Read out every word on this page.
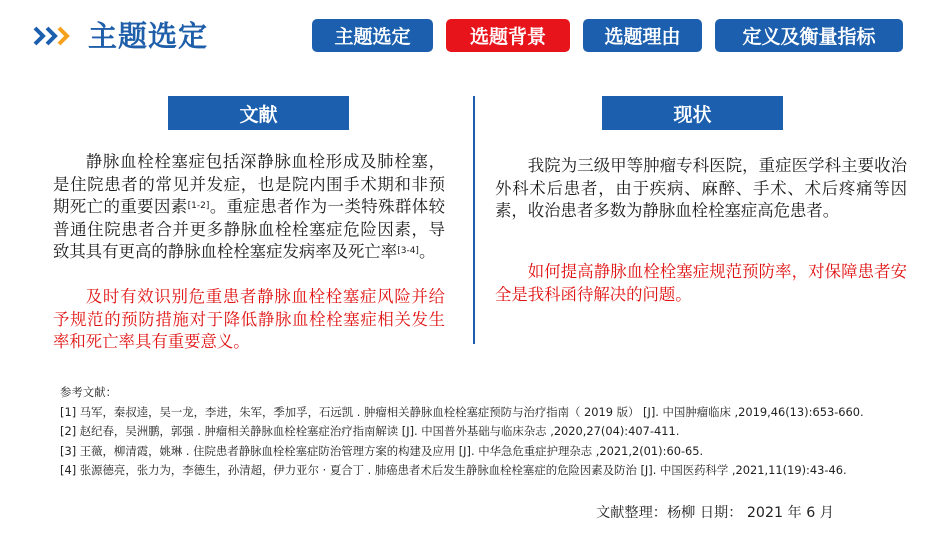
主题选定	主题选定	选题背景	选题理由	定义及衡量指标
文献
静脉血栓栓塞症包括深静脉血栓形成及肺栓塞，是住院患者的常见并发症，也是院内围手术期和非预期死亡的重要因素[1-2]。重症患者作为一类特殊群体较普通住院患者合并更多静脉血栓栓塞症危险因素，导致其具有更高的静脉血栓栓塞症发病率及死亡率[3-4]。
及时有效识别危重患者静脉血栓栓塞症风险并给予规范的预防措施对于降低静脉血栓栓塞症相关发生率和死亡率具有重要意义。
现状
我院为三级甲等肿瘤专科医院，重症医学科主要收治外科术后患者，由于疾病、麻醉、手术、术后疼痛等因素，收治患者多数为静脉血栓栓塞症高危患者。
如何提高静脉血栓栓塞症规范预防率，对保障患者安全是我科函待解决的问题。
参考文献：
[1] 马军，秦叔逵，吴一龙，李进，朱军，季加孚，石远凯 . 肿瘤相关静脉血栓栓塞症预防与治疗指南（ 2019 版） [J]. 中国肿瘤临床 ,2019,46(13):653-660.
[2] 赵纪春，吴洲鹏，郭强 . 肿瘤相关静脉血栓栓塞症治疗指南解读 [J]. 中国普外基础与临床杂志 ,2020,27(04):407-411.
[3] 王薇，柳清霞，姚琳 . 住院患者静脉血栓栓塞症防治管理方案的构建及应用 [J]. 中华急危重症护理杂志 ,2021,2(01):60-65.
[4] 张源德亮，张力为，李德生，孙清超，伊力亚尔 · 夏合丁 . 肺癌患者术后发生静脉血栓栓塞症的危险因素及防治 [J]. 中国医药科学 ,2021,11(19):43-46.
文献整理：杨柳 日期： 2021 年 6 月
